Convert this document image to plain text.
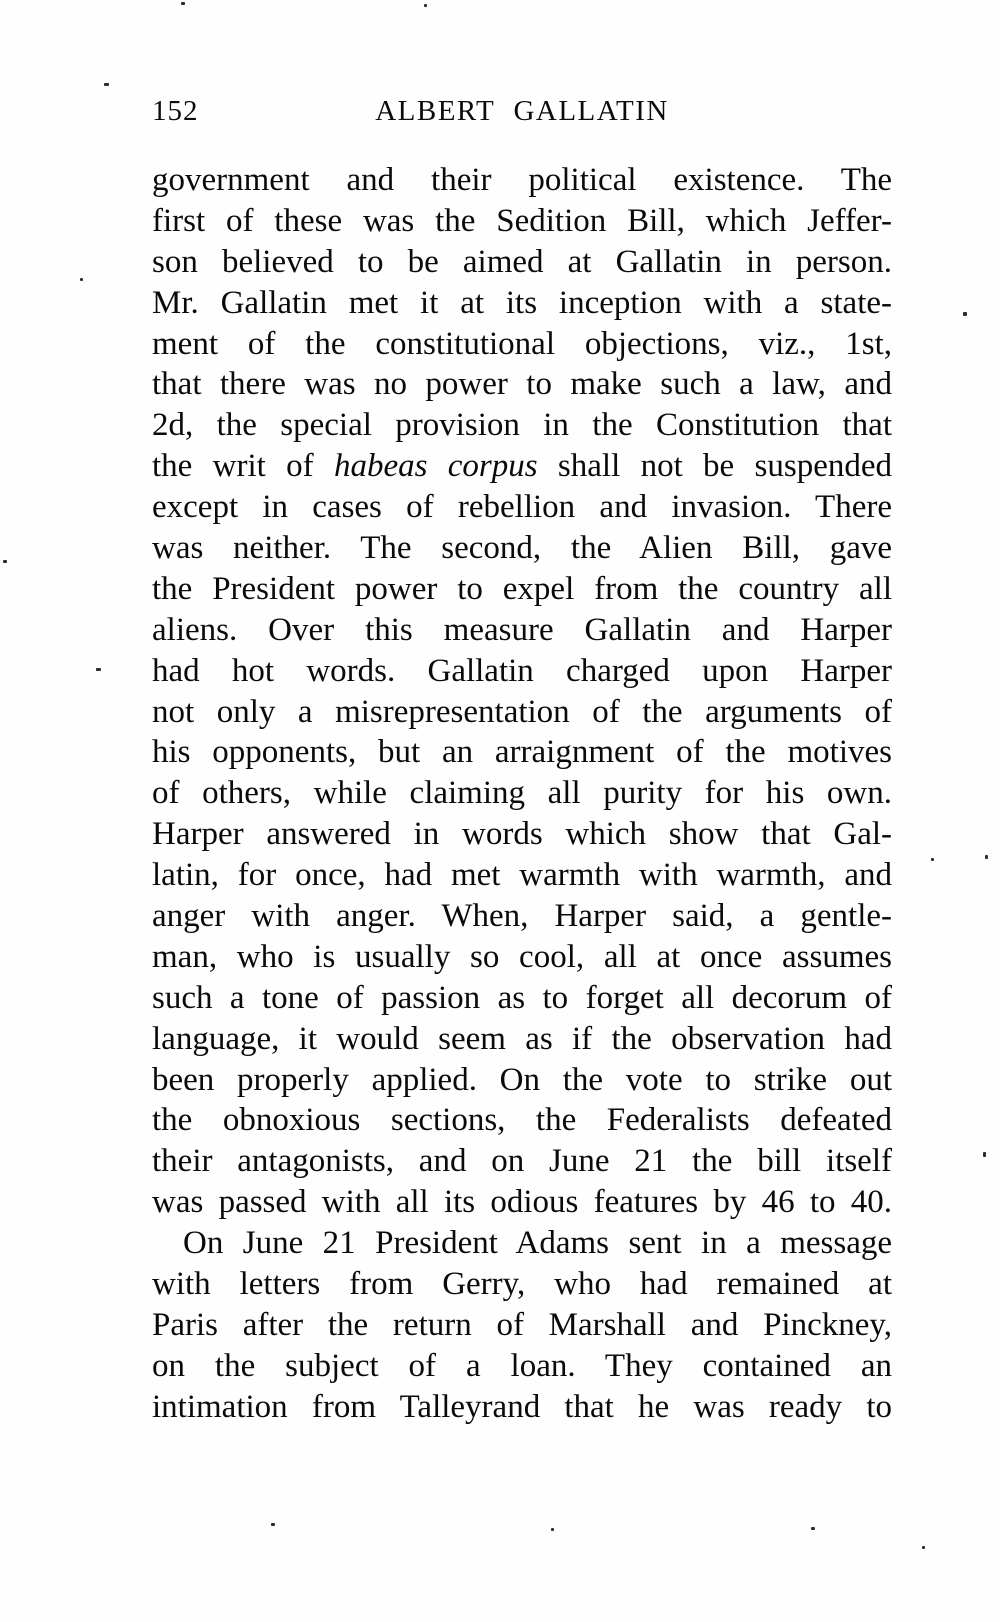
152	ALBERT GALLATIN
government and their political existence. The
first of these was the Sedition Bill, which Jeffer-
son believed to be aimed at Gallatin in person.
Mr. Gallatin met it at its inception with a state-
ment of the constitutional objections, viz., 1st,
that there was no power to make such a law, and
2d, the special provision in the Constitution that
the writ of habeas corpus shall not be suspended
except in cases of rebellion and invasion. There
was neither. The second, the Alien Bill, gave
the President power to expel from the country all
aliens. Over this measure Gallatin and Harper
had hot words. Gallatin charged upon Harper
not only a misrepresentation of the arguments of
his opponents, but an arraignment of the motives
of others, while claiming all purity for his own.
Harper answered in words which show that Gal-
latin, for once, had met warmth with warmth, and
anger with anger. When, Harper said, a gentle-
man, who is usually so cool, all at once assumes
such a tone of passion as to forget all decorum of
language, it would seem as if the observation had
been properly applied. On the vote to strike out
the obnoxious sections, the Federalists defeated
their antagonists, and on June 21 the bill itself
was passed with all its odious features by 46 to 40.
On June 21 President Adams sent in a message
with letters from Gerry, who had remained at
Paris after the return of Marshall and Pinckney,
on the subject of a loan. They contained an
intimation from Talleyrand that he was ready to
